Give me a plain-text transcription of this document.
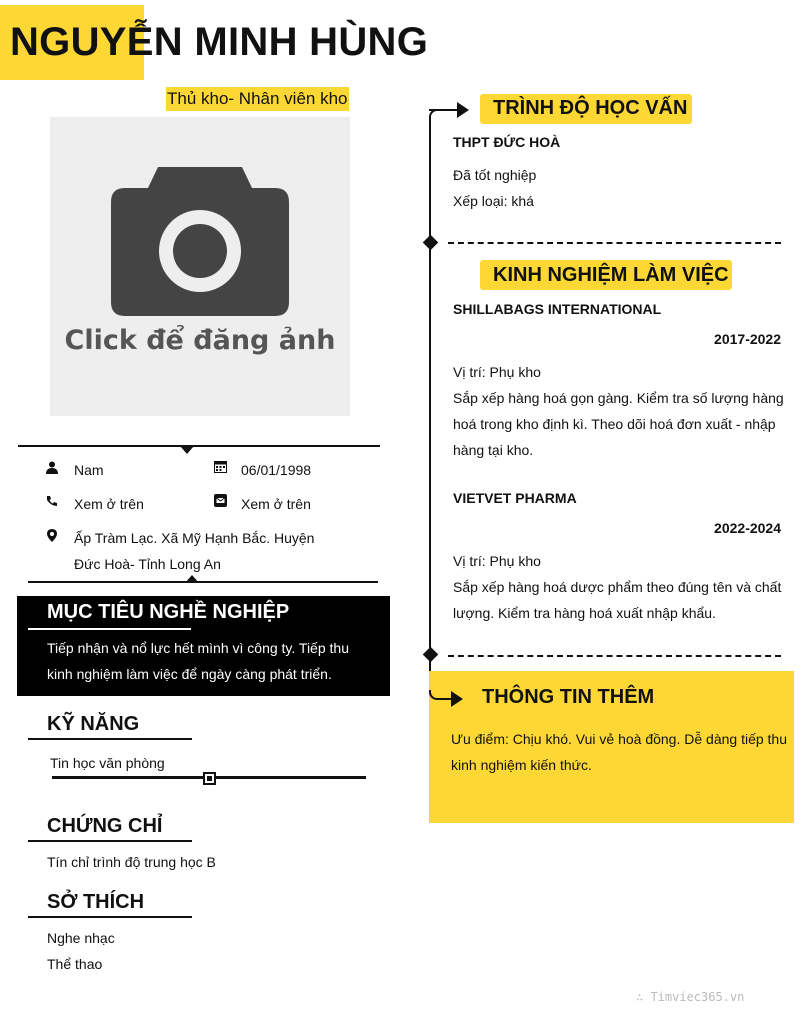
NGUYỄN MINH HÙNG
Thủ kho- Nhân viên kho
Click để đăng ảnh
Nam	06/01/1998
Xem ở trên	Xem ở trên
Ấp Tràm Lạc. Xã Mỹ Hạnh Bắc. Huyện
Đức Hoà- Tỉnh Long An
MỤC TIÊU NGHỀ NGHIỆP
Tiếp nhận và nổ lực hết mình vì công ty. Tiếp thu
kinh nghiệm làm việc để ngày càng phát triển.
KỸ NĂNG
Tin học văn phòng
CHỨNG CHỈ
Tín chỉ trình độ trung học B
SỞ THÍCH
Nghe nhạc
Thể thao
TRÌNH ĐỘ HỌC VẤN
THPT ĐỨC HOÀ
Đã tốt nghiệp
Xếp loại: khá
KINH NGHIỆM LÀM VIỆC
SHILLABAGS INTERNATIONAL
2017-2022
Vị trí: Phụ kho
Sắp xếp hàng hoá gọn gàng. Kiểm tra số lượng hàng
hoá trong kho định kì. Theo dõi hoá đơn xuất - nhập
hàng tại kho.
VIETVET PHARMA
2022-2024
Vị trí: Phụ kho
Sắp xếp hàng hoá dược phẩm theo đúng tên và chất
lượng. Kiểm tra hàng hoá xuất nhập khẩu.
THÔNG TIN THÊM
Ưu điểm: Chịu khó. Vui vẻ hoà đồng. Dễ dàng tiếp thu
kinh nghiệm kiến thức.
∴ Timviec365.vn
